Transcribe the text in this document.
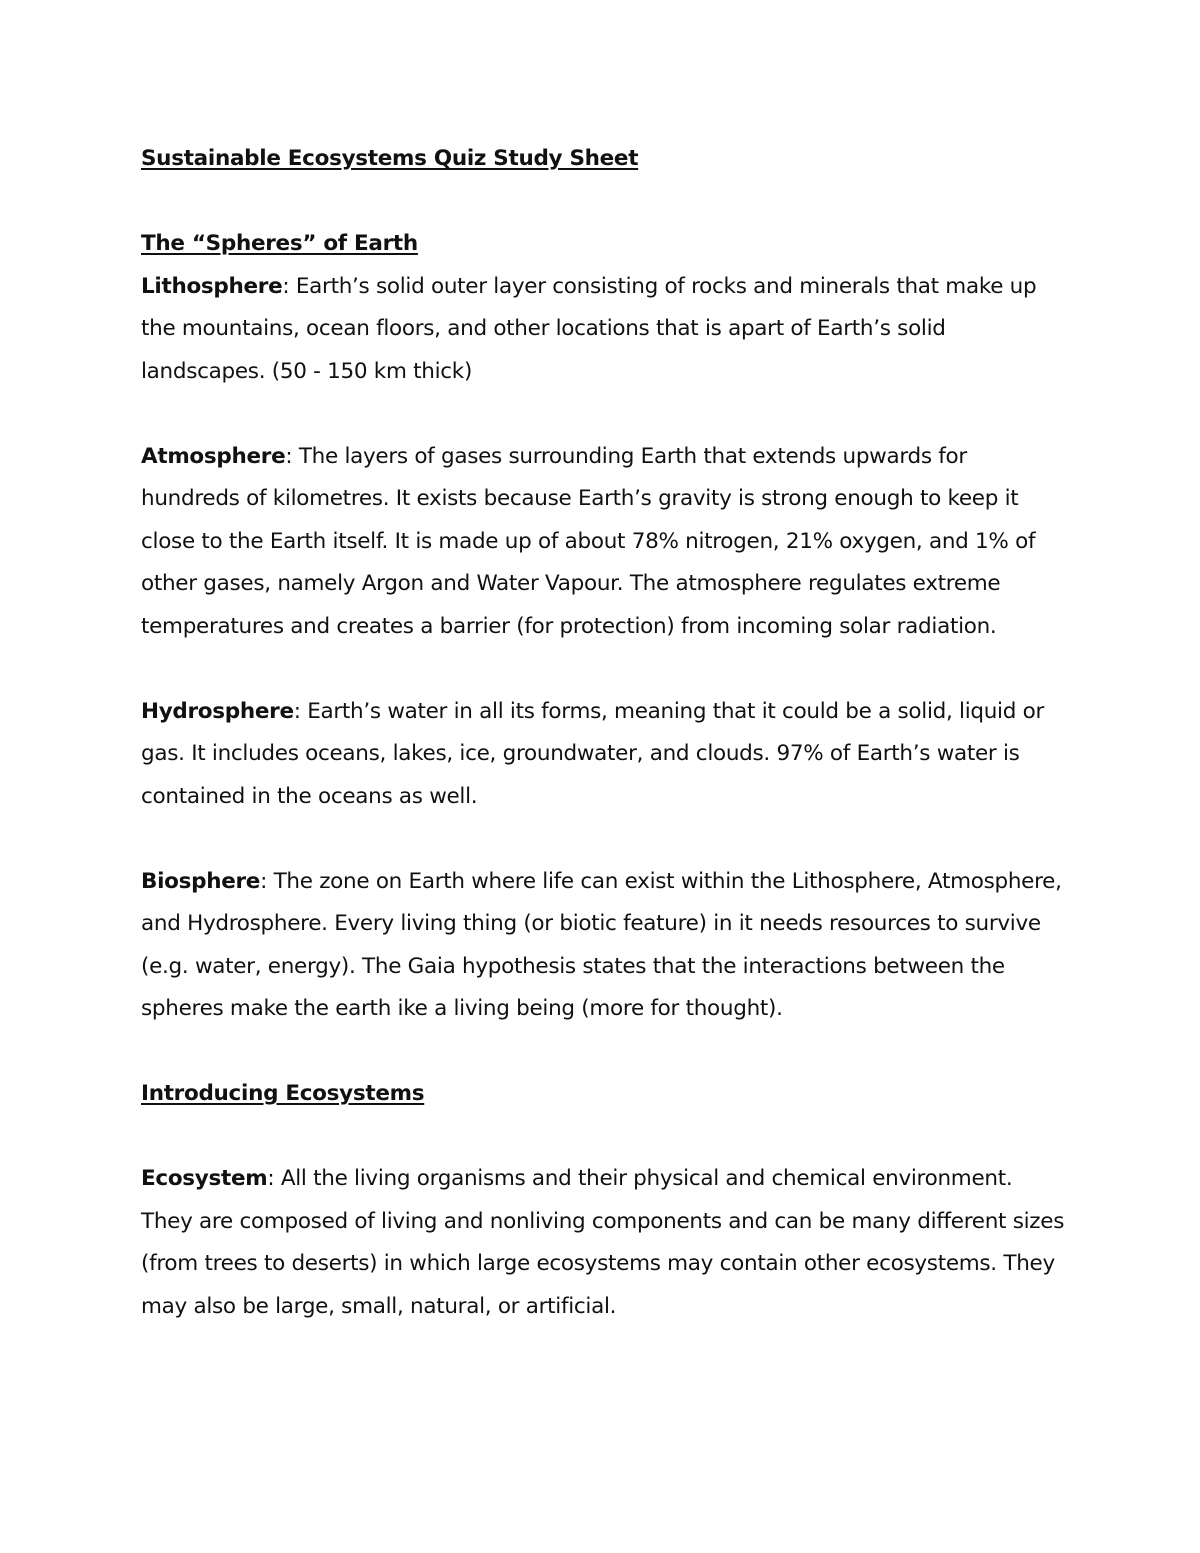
Sustainable Ecosystems Quiz Study Sheet

The “Spheres” of Earth

Lithosphere: Earth’s solid outer layer consisting of rocks and minerals that make up the mountains, ocean floors, and other locations that is apart of Earth’s solid landscapes. (50 - 150 km thick)

Atmosphere: The layers of gases surrounding Earth that extends upwards for hundreds of kilometres. It exists because Earth’s gravity is strong enough to keep it close to the Earth itself. It is made up of about 78% nitrogen, 21% oxygen, and 1% of other gases, namely Argon and Water Vapour. The atmosphere regulates extreme temperatures and creates a barrier (for protection) from incoming solar radiation.

Hydrosphere: Earth’s water in all its forms, meaning that it could be a solid, liquid or gas. It includes oceans, lakes, ice, groundwater, and clouds. 97% of Earth’s water is contained in the oceans as well.

Biosphere: The zone on Earth where life can exist within the Lithosphere, Atmosphere, and Hydrosphere. Every living thing (or biotic feature) in it needs resources to survive (e.g. water, energy). The Gaia hypothesis states that the interactions between the spheres make the earth ike a living being (more for thought).

Introducing Ecosystems

Ecosystem: All the living organisms and their physical and chemical environment. They are composed of living and nonliving components and can be many different sizes (from trees to deserts) in which large ecosystems may contain other ecosystems. They may also be large, small, natural, or artificial.
